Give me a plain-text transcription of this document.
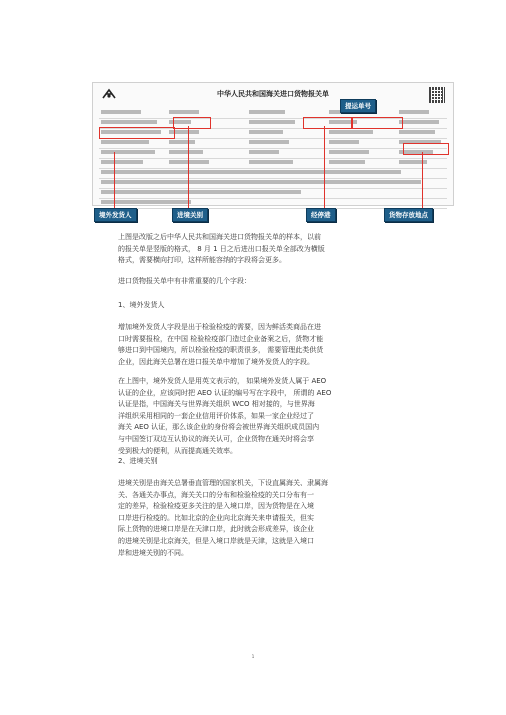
中华人民共和国海关进口货物报关单
提运单号
境外发货人	进境关别	经停港	货物存放地点
上图是改版之后中华人民共和国海关进口货物报关单的样本，以前
的报关单是竖版的格式， 8 月 1 日之后进出口报关单全部改为横版
格式，需要横向打印，这样所能容纳的字段将会更多。
进口货物报关单中有非常重要的几个字段：
1、境外发货人
增加境外发货人字段是出于检验检疫的需要，因为鲜活类商品在进
口时需要报检，在中国 检验检疫部门造过企业备案之后，货物才能
够进口到中国境内，所以检验检疫的职责很多， 需要管理此类供货
企业，因此海关总署在进口报关单中增加了境外发货人的字段。
在上图中，境外发货人是用英文表示的， 如果境外发货人属于 AEO
认证的企业，应该同时把 AEO 认证的编号写在字段中， 所谓的 AEO
认证是指，中国海关与世界海关组织 WCO 相对接的，与世界海
洋组织采用相同的一套企业信用评价体系，如果一家企业经过了
海关 AEO 认证，那么该企业的身份将会被世界海关组织成员国内
与中国签订双边互认协议的海关认可，企业货物在通关时将会享
受到极大的便利，从而提高通关效率。
2、进境关别
进境关别是由海关总署垂直管理的国家机关，下设直属海关、隶属海
关、各通关办事点，海关关口的分布和检验检疫的关口分布有一
定的差异，检验检疫更多关注的是入境口岸，因为货物是在入境
口岸进行检疫的。比如北京的企业向北京海关来申请报关，但实
际上货物的进境口岸是在天津口岸，此时就会形成差异，该企业
的进境关别是北京海关，但是入境口岸就是天津，这就是入境口
岸和进境关别的不同。
1
